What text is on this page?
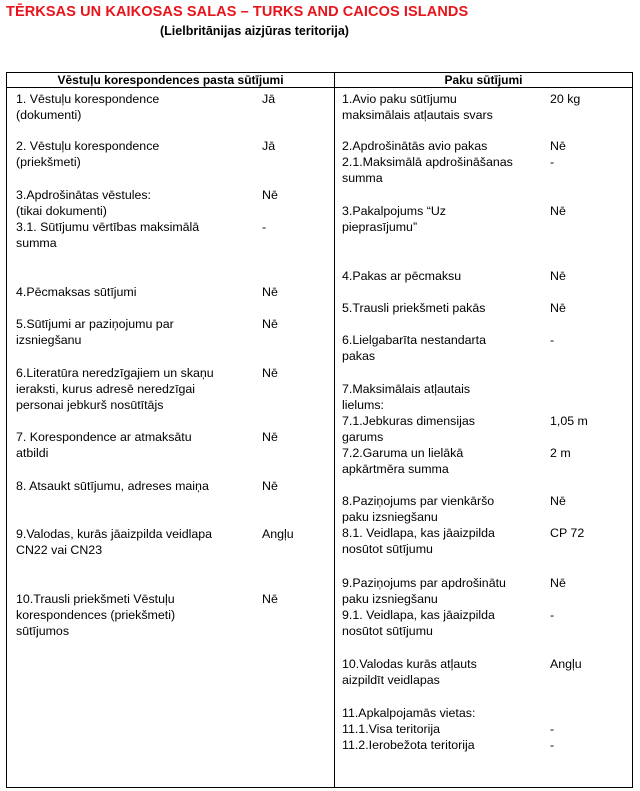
TĒRKSAS UN KAIKOSAS SALAS – TURKS AND CAICOS ISLANDS
(Lielbritānijas aizjūras teritorija)
Vēstuļu korespondences pasta sūtījumi	Paku sūtījumi
1. Vēstuļu korespondence
(dokumenti)
Jā
2. Vēstuļu korespondence
(priekšmeti)
Jā
3.Apdrošinātas vēstules:
(tikai dokumenti)
Nē
3.1. Sūtījumu vērtības maksimālā
summa
-
4.Pēcmaksas sūtījumi	Nē
5.Sūtījumi ar paziņojumu par
izsniegšanu
Nē
6.Literatūra neredzīgajiem un skaņu
ieraksti, kurus adresē neredzīgai
personai jebkurš nosūtītājs
Nē
7. Korespondence ar atmaksātu
atbildi
Nē
8. Atsaukt sūtījumu, adreses maiņa	Nē
9.Valodas, kurās jāaizpilda veidlapa
CN22 vai CN23
Angļu
10.Trausli priekšmeti Vēstuļu
korespondences (priekšmeti)
sūtījumos
Nē
1.Avio paku sūtījumu
maksimālais atļautais svars
20 kg
2.Apdrošinātās avio pakas	Nē
2.1.Maksimālā apdrošināšanas
summa
-
3.Pakalpojums “Uz
pieprasījumu”
Nē
4.Pakas ar pēcmaksu	Nē
5.Trausli priekšmeti pakās	Nē
6.Lielgabarīta nestandarta
pakas
-
7.Maksimālais atļautais
lielums:
7.1.Jebkuras dimensijas
garums
1,05 m
7.2.Garuma un lielākā
apkārtmēra summa
2 m
8.Paziņojums par vienkāršo
paku izsniegšanu
Nē
8.1. Veidlapa, kas jāaizpilda
nosūtot sūtījumu
CP 72
9.Paziņojums par apdrošinātu
paku izsniegšanu
Nē
9.1. Veidlapa, kas jāaizpilda
nosūtot sūtījumu
-
10.Valodas kurās atļauts
aizpildīt veidlapas
Angļu
11.Apkalpojamās vietas:
11.1.Visa teritorija	-
11.2.Ierobežota teritorija	-
